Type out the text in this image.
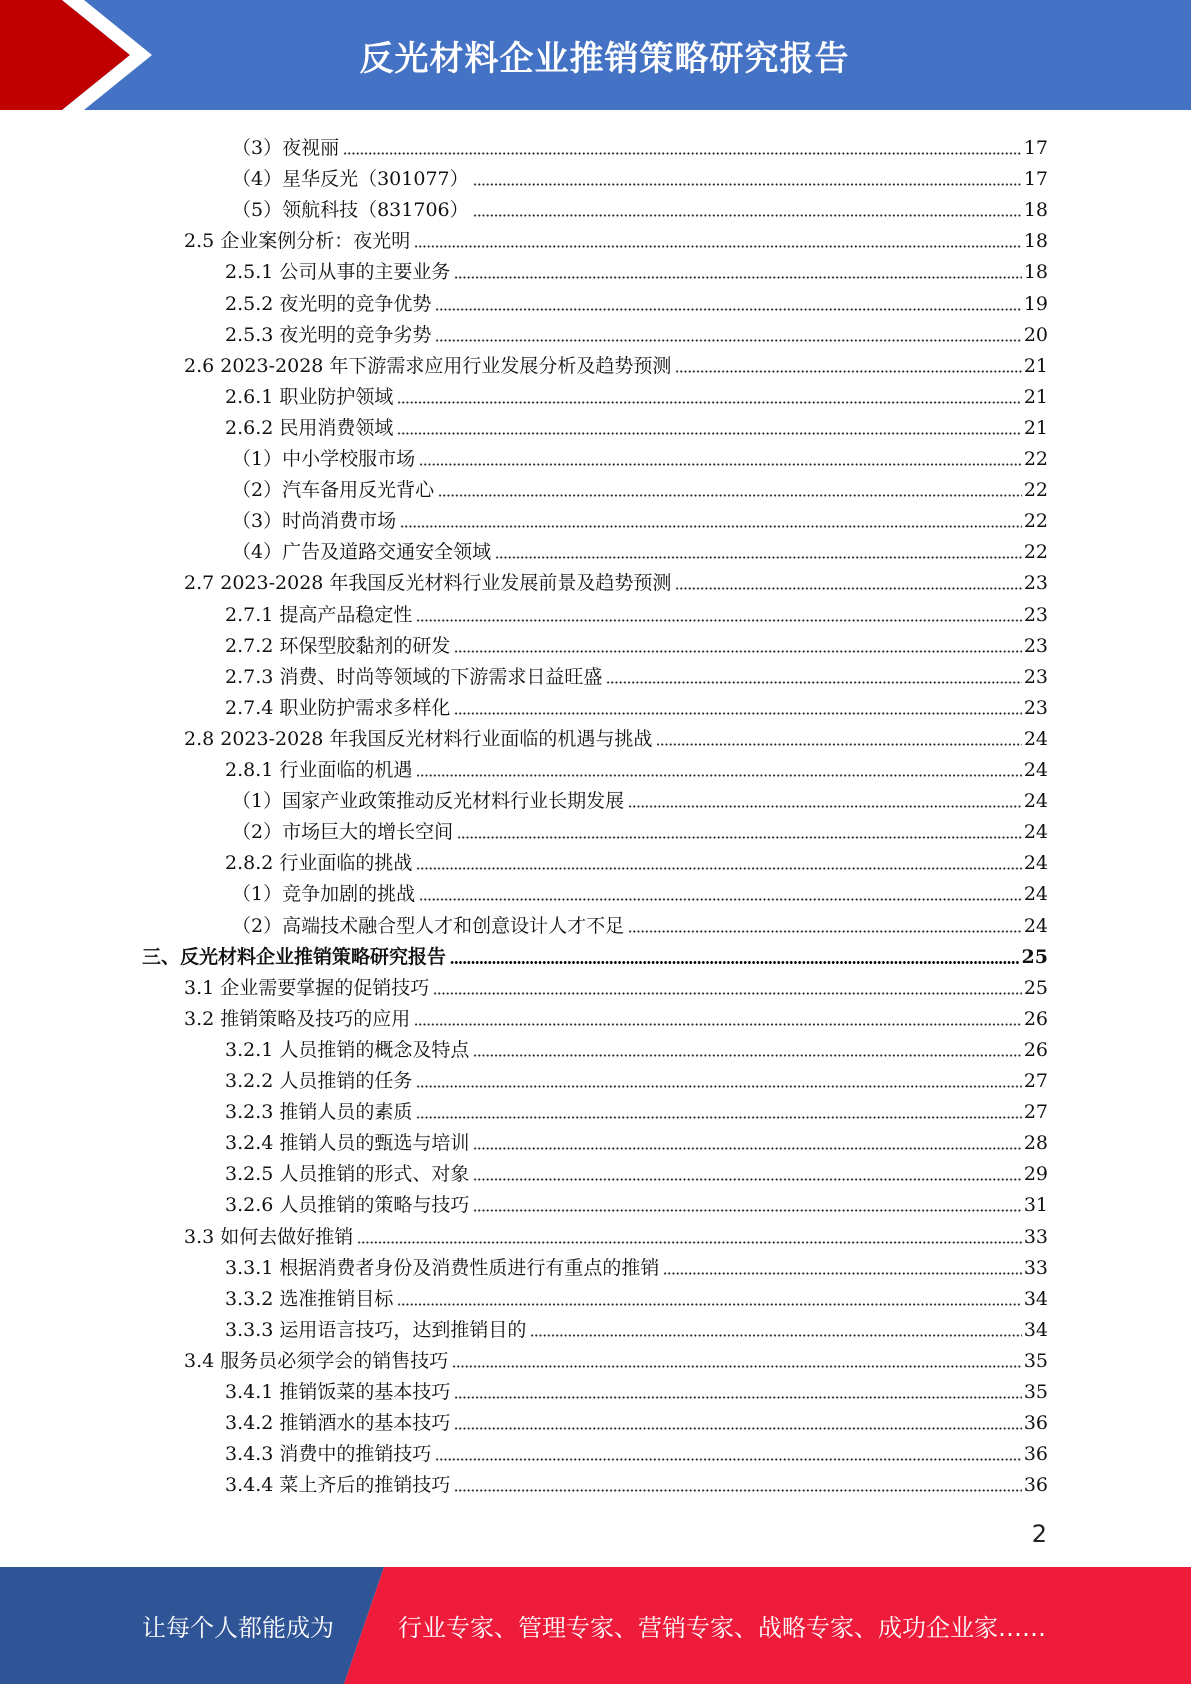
反光材料企业推销策略研究报告
（3）夜视丽	17
（4）星华反光（301077）	17
（5）领航科技（831706）	18
2.5 企业案例分析：夜光明	18
2.5.1 公司从事的主要业务	18
2.5.2 夜光明的竞争优势	19
2.5.3 夜光明的竞争劣势	20
2.6 2023-2028 年下游需求应用行业发展分析及趋势预测	21
2.6.1 职业防护领域	21
2.6.2 民用消费领域	21
（1）中小学校服市场	22
（2）汽车备用反光背心	22
（3）时尚消费市场	22
（4）广告及道路交通安全领域	22
2.7 2023-2028 年我国反光材料行业发展前景及趋势预测	23
2.7.1 提高产品稳定性	23
2.7.2 环保型胶黏剂的研发	23
2.7.3 消费、时尚等领域的下游需求日益旺盛	23
2.7.4 职业防护需求多样化	23
2.8 2023-2028 年我国反光材料行业面临的机遇与挑战	24
2.8.1 行业面临的机遇	24
（1）国家产业政策推动反光材料行业长期发展	24
（2）市场巨大的增长空间	24
2.8.2 行业面临的挑战	24
（1）竞争加剧的挑战	24
（2）高端技术融合型人才和创意设计人才不足	24
三、反光材料企业推销策略研究报告	25
3.1 企业需要掌握的促销技巧	25
3.2 推销策略及技巧的应用	26
3.2.1 人员推销的概念及特点	26
3.2.2 人员推销的任务	27
3.2.3 推销人员的素质	27
3.2.4 推销人员的甄选与培训	28
3.2.5 人员推销的形式、对象	29
3.2.6 人员推销的策略与技巧	31
3.3 如何去做好推销	33
3.3.1 根据消费者身份及消费性质进行有重点的推销	33
3.3.2 选准推销目标	34
3.3.3 运用语言技巧，达到推销目的	34
3.4 服务员必须学会的销售技巧	35
3.4.1 推销饭菜的基本技巧	35
3.4.2 推销酒水的基本技巧	36
3.4.3 消费中的推销技巧	36
3.4.4 菜上齐后的推销技巧	36
2
让每个人都能成为	行业专家、管理专家、营销专家、战略专家、成功企业家……
